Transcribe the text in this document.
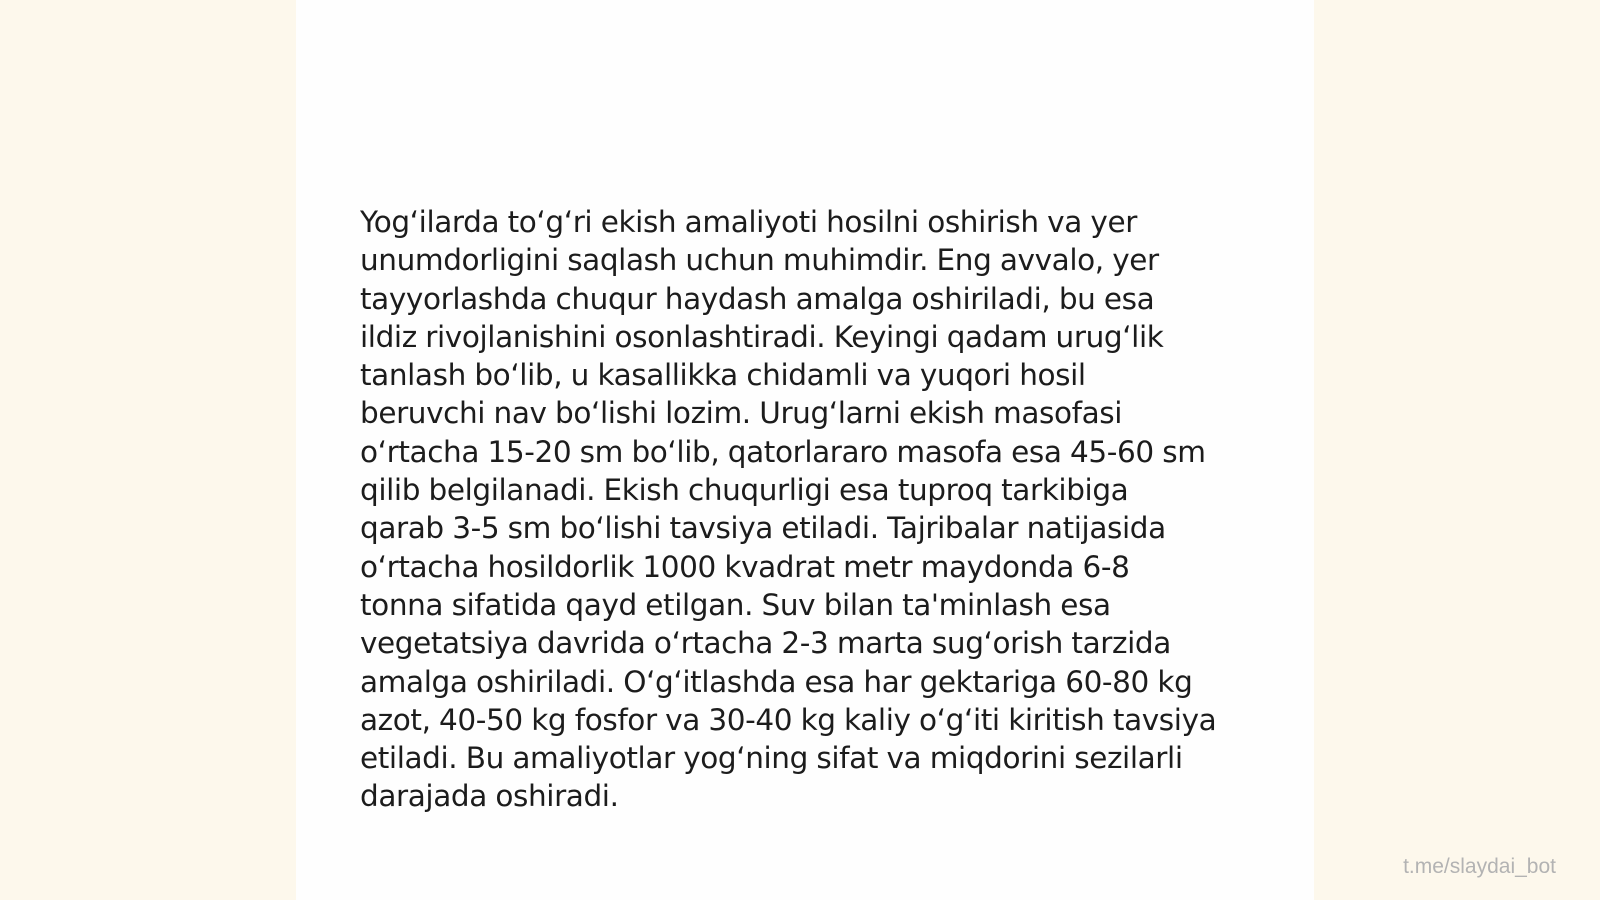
Yog‘ilarda to‘g‘ri ekish amaliyoti hosilni oshirish va yer
unumdorligini saqlash uchun muhimdir. Eng avvalo, yer
tayyorlashda chuqur haydash amalga oshiriladi, bu esa
ildiz rivojlanishini osonlashtiradi. Keyingi qadam urug‘lik
tanlash bo‘lib, u kasallikka chidamli va yuqori hosil
beruvchi nav bo‘lishi lozim. Urug‘larni ekish masofasi
o‘rtacha 15-20 sm bo‘lib, qatorlararo masofa esa 45-60 sm
qilib belgilanadi. Ekish chuqurligi esa tuproq tarkibiga
qarab 3-5 sm bo‘lishi tavsiya etiladi. Tajribalar natijasida
o‘rtacha hosildorlik 1000 kvadrat metr maydonda 6-8
tonna sifatida qayd etilgan. Suv bilan ta'minlash esa
vegetatsiya davrida o‘rtacha 2-3 marta sug‘orish tarzida
amalga oshiriladi. O‘g‘itlashda esa har gektariga 60-80 kg
azot, 40-50 kg fosfor va 30-40 kg kaliy o‘g‘iti kiritish tavsiya
etiladi. Bu amaliyotlar yog‘ning sifat va miqdorini sezilarli
darajada oshiradi.

t.me/slaydai_bot
